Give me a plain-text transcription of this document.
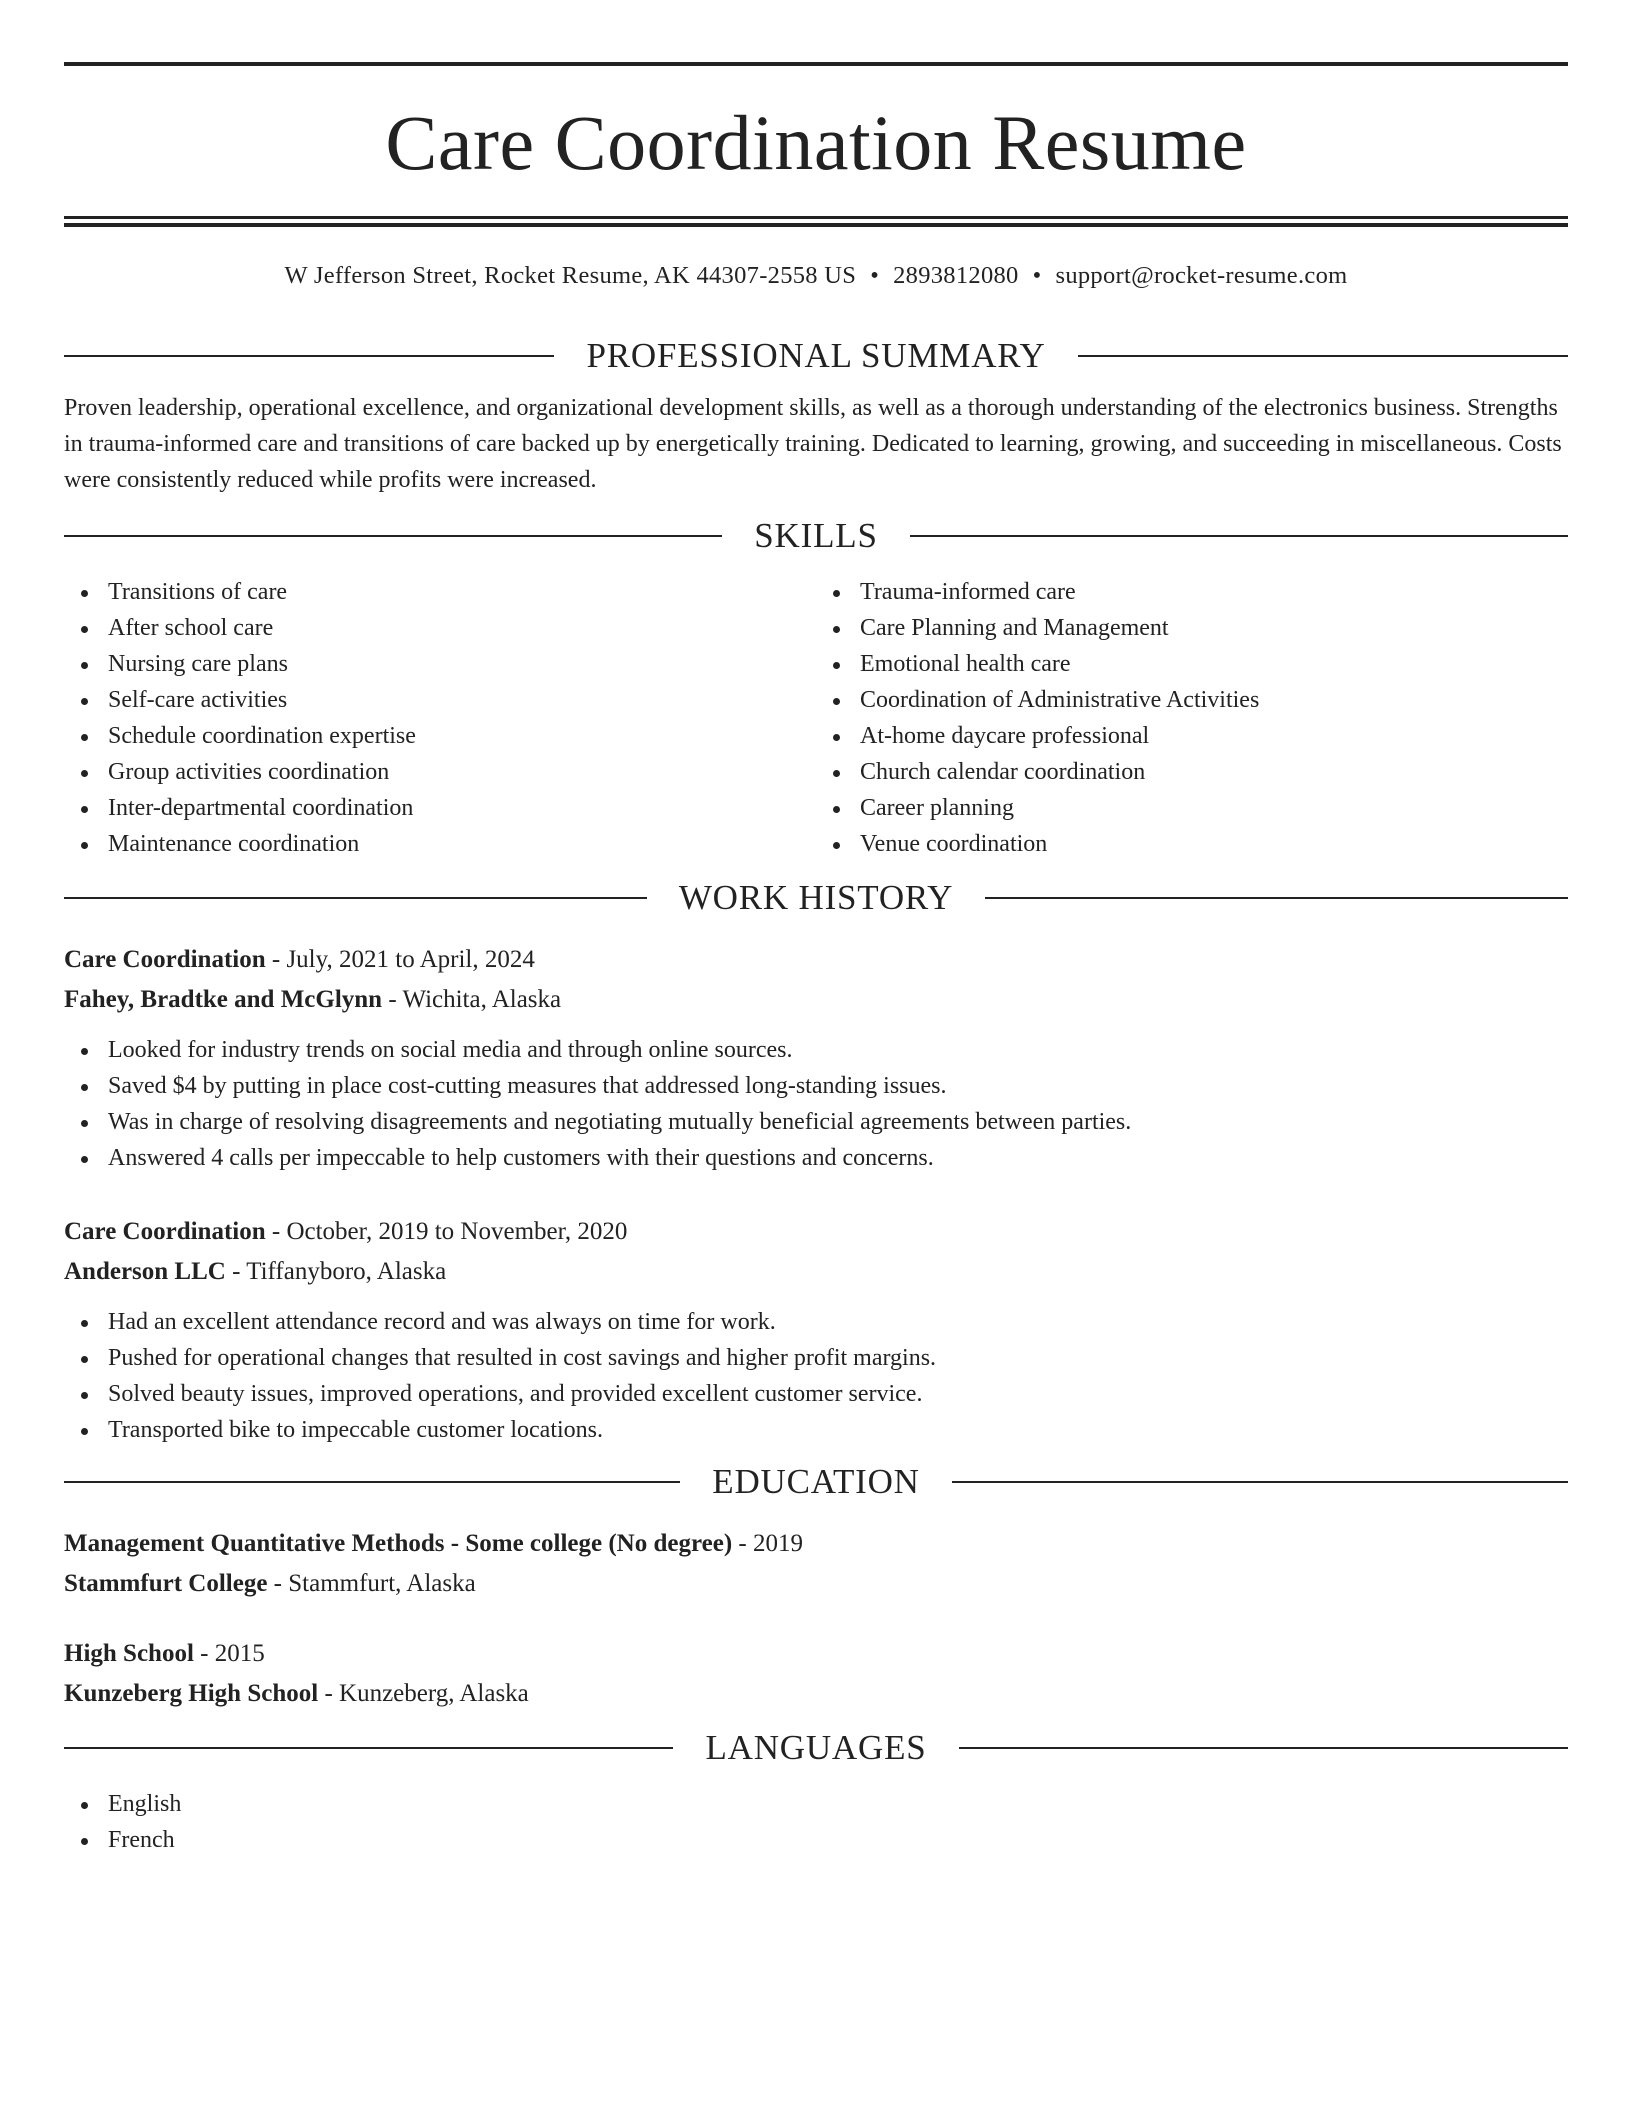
Care Coordination Resume
W Jefferson Street, Rocket Resume, AK 44307-2558 US • 2893812080 • support@rocket-resume.com
PROFESSIONAL SUMMARY

Proven leadership, operational excellence, and organizational development skills, as well as a thorough understanding of the electronics business. Strengths in trauma-informed care and transitions of care backed up by energetically training. Dedicated to learning, growing, and succeeding in miscellaneous. Costs were consistently reduced while profits were increased.

SKILLS
Transitions of care
After school care
Nursing care plans
Self-care activities
Schedule coordination expertise
Group activities coordination
Inter-departmental coordination
Maintenance coordination
Trauma-informed care
Care Planning and Management
Emotional health care
Coordination of Administrative Activities
At-home daycare professional
Church calendar coordination
Career planning
Venue coordination
WORK HISTORY
Care Coordination - July, 2021 to April, 2024
Fahey, Bradtke and McGlynn - Wichita, Alaska
Looked for industry trends on social media and through online sources.
Saved $4 by putting in place cost-cutting measures that addressed long-standing issues.
Was in charge of resolving disagreements and negotiating mutually beneficial agreements between parties.
Answered 4 calls per impeccable to help customers with their questions and concerns.
Care Coordination - October, 2019 to November, 2020
Anderson LLC - Tiffanyboro, Alaska
Had an excellent attendance record and was always on time for work.
Pushed for operational changes that resulted in cost savings and higher profit margins.
Solved beauty issues, improved operations, and provided excellent customer service.
Transported bike to impeccable customer locations.
EDUCATION
Management Quantitative Methods - Some college (No degree) - 2019
Stammfurt College - Stammfurt, Alaska
High School - 2015
Kunzeberg High School - Kunzeberg, Alaska
LANGUAGES
English
French
